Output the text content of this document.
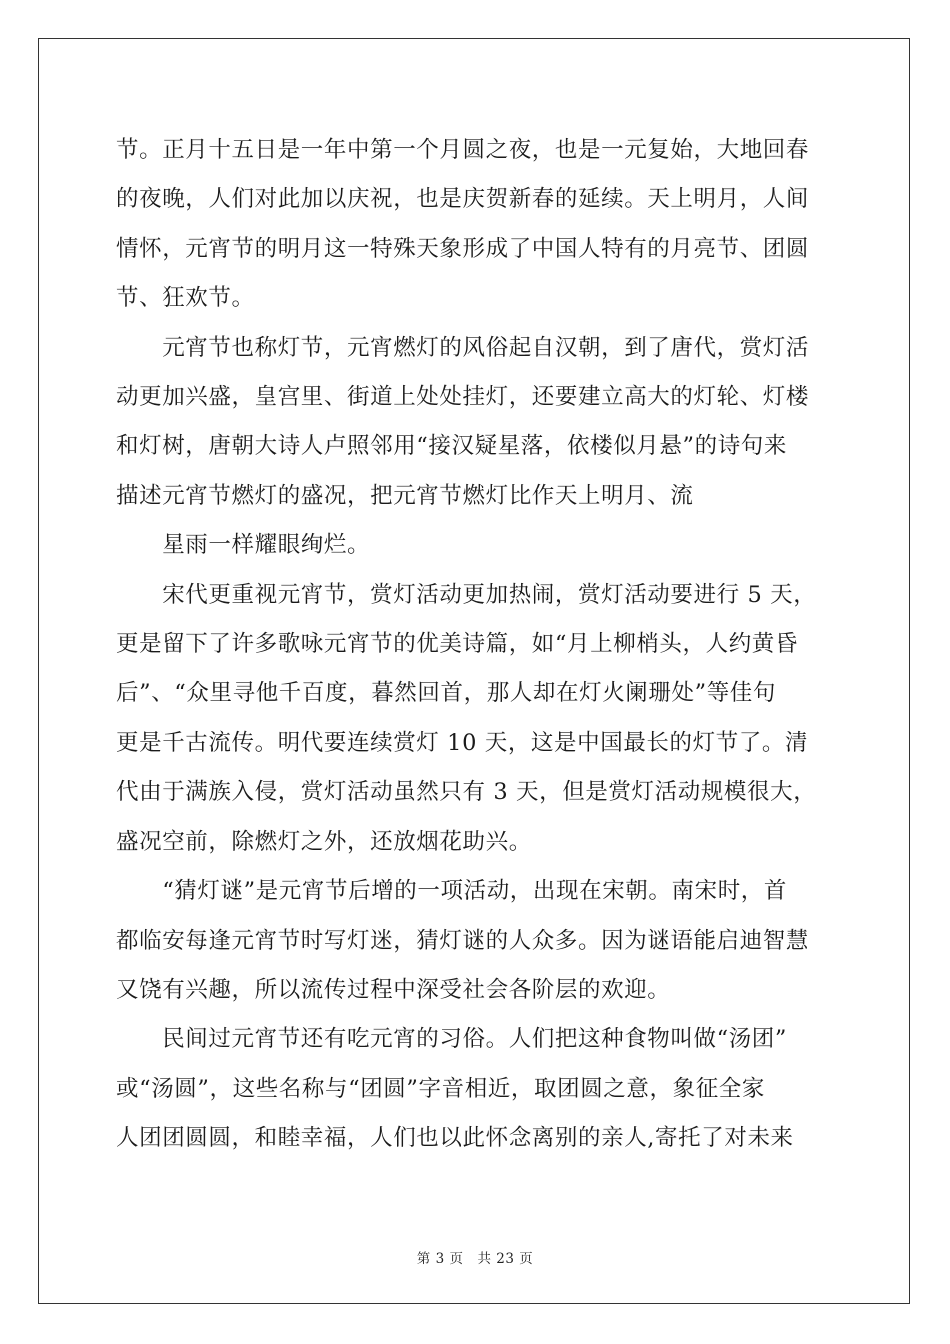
节。正月十五日是一年中第一个月圆之夜，也是一元复始，大地回春
的夜晚，人们对此加以庆祝，也是庆贺新春的延续。天上明月，人间
情怀，元宵节的明月这一特殊天象形成了中国人特有的月亮节、团圆
节、狂欢节。
　　元宵节也称灯节，元宵燃灯的风俗起自汉朝，到了唐代，赏灯活
动更加兴盛，皇宫里、街道上处处挂灯，还要建立高大的灯轮、灯楼
和灯树，唐朝大诗人卢照邻用“接汉疑星落，依楼似月悬”的诗句来
描述元宵节燃灯的盛况，把元宵节燃灯比作天上明月、流
　　星雨一样耀眼绚烂。
　　宋代更重视元宵节，赏灯活动更加热闹，赏灯活动要进行 5 天，
更是留下了许多歌咏元宵节的优美诗篇，如“月上柳梢头，人约黄昏
后”、“众里寻他千百度，暮然回首，那人却在灯火阑珊处”等佳句
更是千古流传。明代要连续赏灯 10 天，这是中国最长的灯节了。清
代由于满族入侵，赏灯活动虽然只有 3 天，但是赏灯活动规模很大，
盛况空前，除燃灯之外，还放烟花助兴。
　　“猜灯谜”是元宵节后增的一项活动，出现在宋朝。南宋时，首
都临安每逢元宵节时写灯迷，猜灯谜的人众多。因为谜语能启迪智慧
又饶有兴趣，所以流传过程中深受社会各阶层的欢迎。
　　民间过元宵节还有吃元宵的习俗。人们把这种食物叫做“汤团”
或“汤圆”，这些名称与“团圆”字音相近，取团圆之意，象征全家
人团团圆圆，和睦幸福，人们也以此怀念离别的亲人,寄托了对未来

第 3 页 共 23 页
